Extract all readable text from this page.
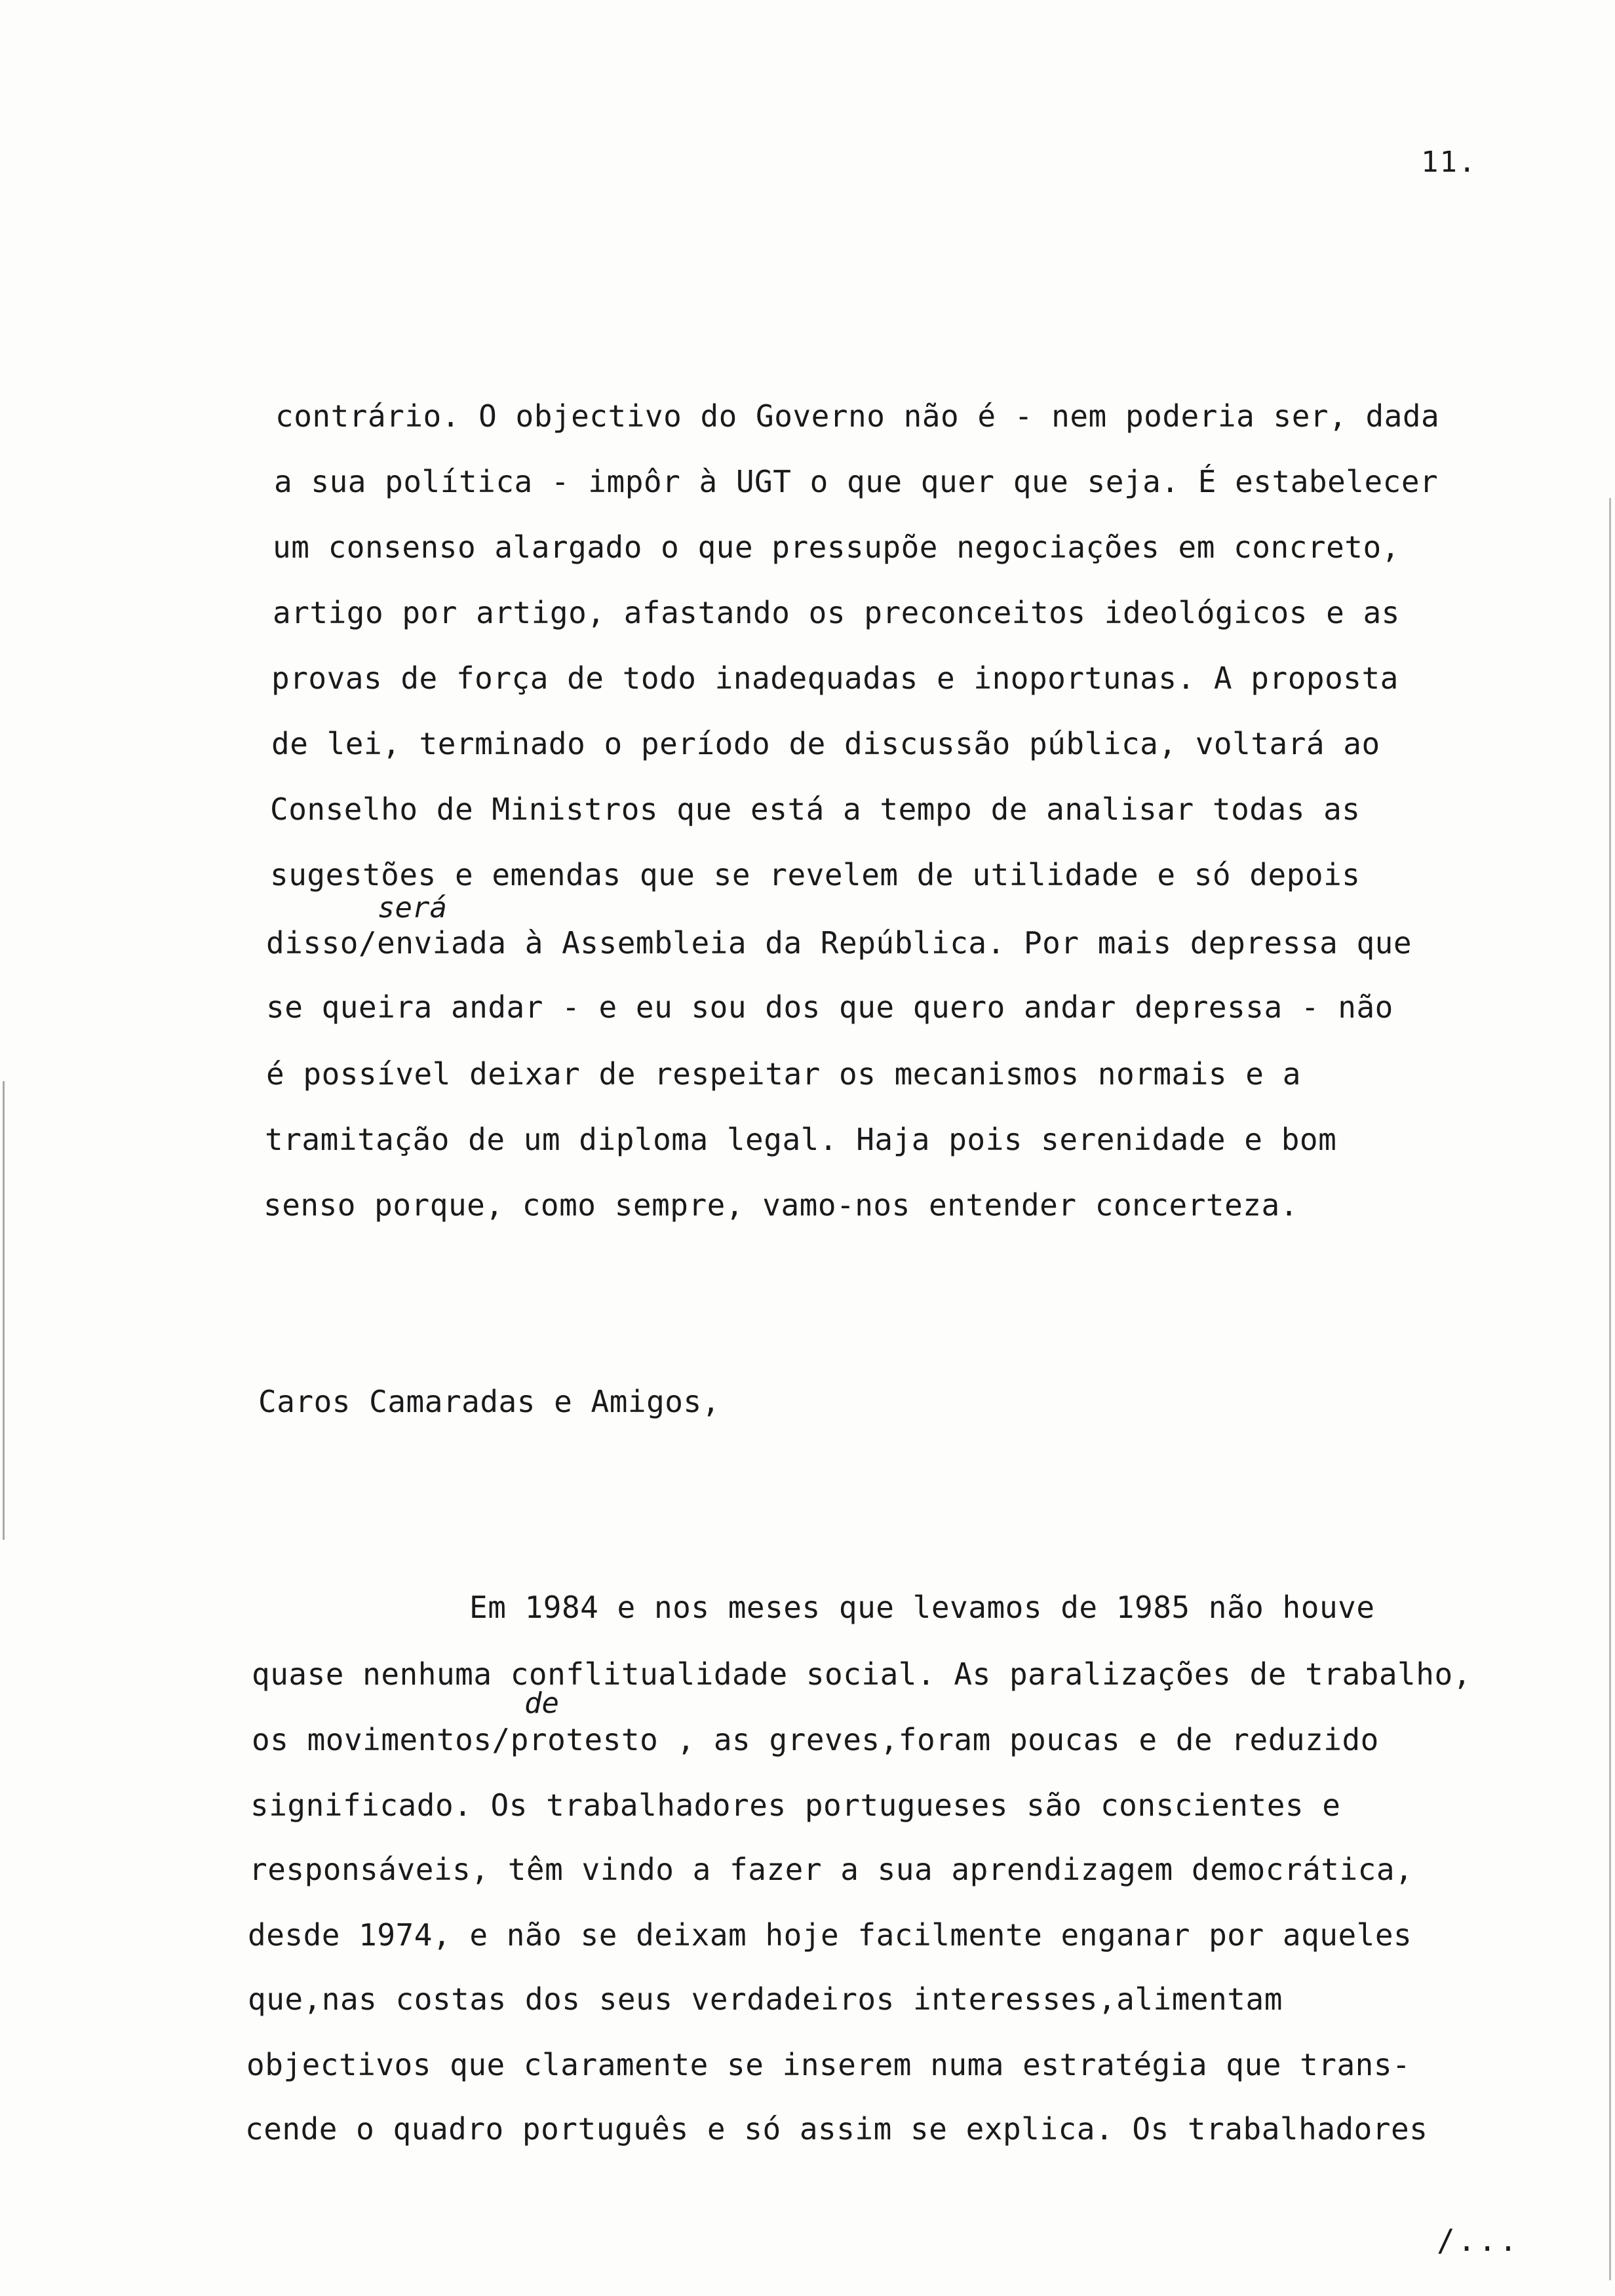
11.
contrário. O objectivo do Governo não é - nem poderia ser, dada
a sua política - impôr à UGT o que quer que seja. É estabelecer
um consenso alargado o que pressupõe negociações em concreto,
artigo por artigo, afastando os preconceitos ideológicos e as
provas de força de todo inadequadas e inoportunas. A proposta
de lei, terminado o período de discussão pública, voltará ao
Conselho de Ministros que está a tempo de analisar todas as
sugestões e emendas que se revelem de utilidade e só depois
será
disso/enviada à Assembleia da República. Por mais depressa que
se queira andar - e eu sou dos que quero andar depressa - não
é possível deixar de respeitar os mecanismos normais e a
tramitação de um diploma legal. Haja pois serenidade e bom
senso porque, como sempre, vamo-nos entender concerteza.
Caros Camaradas e Amigos,
Em 1984 e nos meses que levamos de 1985 não houve
quase nenhuma conflitualidade social. As paralizações de trabalho,
de
os movimentos/protesto , as greves,foram poucas e de reduzido
significado. Os trabalhadores portugueses são conscientes e
responsáveis, têm vindo a fazer a sua aprendizagem democrática,
desde 1974, e não se deixam hoje facilmente enganar por aqueles
que,nas costas dos seus verdadeiros interesses,alimentam
objectivos que claramente se inserem numa estratégia que trans-
cende o quadro português e só assim se explica. Os trabalhadores
/...
